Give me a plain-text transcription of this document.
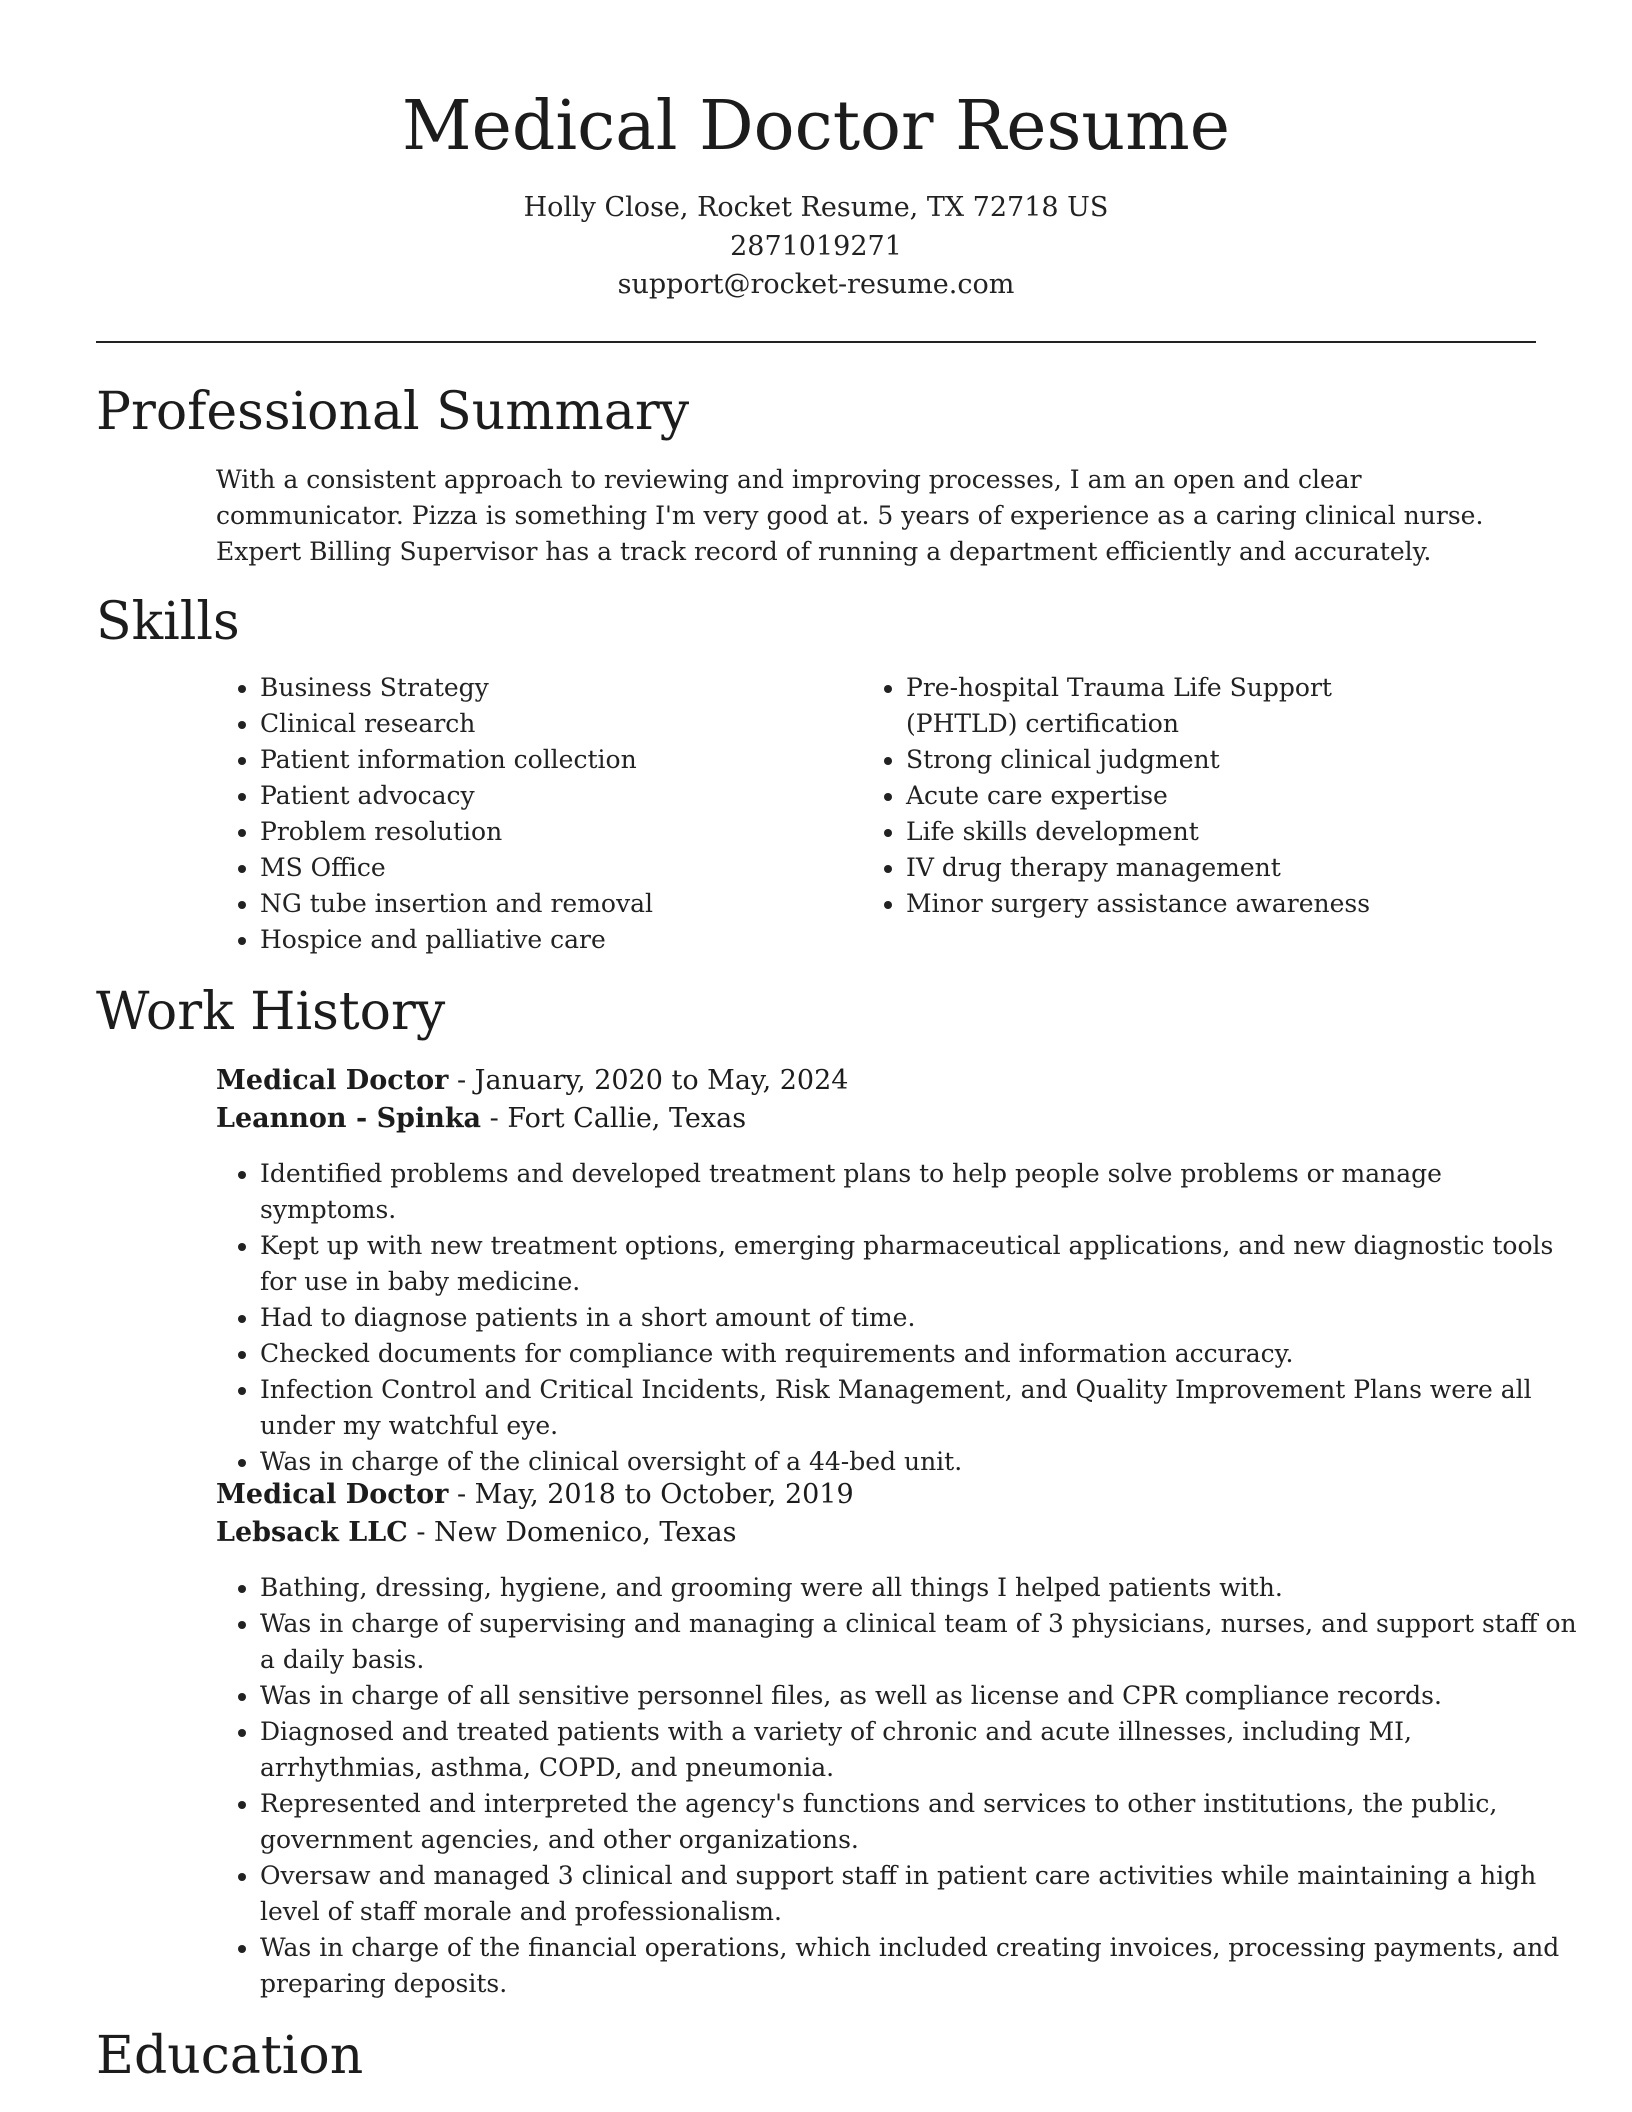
Medical Doctor Resume
Holly Close, Rocket Resume, TX 72718 US
2871019271
support@rocket-resume.com
Professional Summary

With a consistent approach to reviewing and improving processes, I am an open and clear communicator. Pizza is something I'm very good at. 5 years of experience as a caring clinical nurse. Expert Billing Supervisor has a track record of running a department efficiently and accurately.

Skills
• Business Strategy
• Clinical research
• Patient information collection
• Patient advocacy
• Problem resolution
• MS Office
• NG tube insertion and removal
• Hospice and palliative care
• Pre-hospital Trauma Life Support (PHTLD) certification
• Strong clinical judgment
• Acute care expertise
• Life skills development
• IV drug therapy management
• Minor surgery assistance awareness
Work History
Medical Doctor - January, 2020 to May, 2024
Leannon - Spinka - Fort Callie, Texas
• Identified problems and developed treatment plans to help people solve problems or manage symptoms.
• Kept up with new treatment options, emerging pharmaceutical applications, and new diagnostic tools for use in baby medicine.
• Had to diagnose patients in a short amount of time.
• Checked documents for compliance with requirements and information accuracy.
• Infection Control and Critical Incidents, Risk Management, and Quality Improvement Plans were all under my watchful eye.
• Was in charge of the clinical oversight of a 44-bed unit.
Medical Doctor - May, 2018 to October, 2019
Lebsack LLC - New Domenico, Texas
• Bathing, dressing, hygiene, and grooming were all things I helped patients with.
• Was in charge of supervising and managing a clinical team of 3 physicians, nurses, and support staff on a daily basis.
• Was in charge of all sensitive personnel files, as well as license and CPR compliance records.
• Diagnosed and treated patients with a variety of chronic and acute illnesses, including MI, arrhythmias, asthma, COPD, and pneumonia.
• Represented and interpreted the agency's functions and services to other institutions, the public, government agencies, and other organizations.
• Oversaw and managed 3 clinical and support staff in patient care activities while maintaining a high level of staff morale and professionalism.
• Was in charge of the financial operations, which included creating invoices, processing payments, and preparing deposits.
Education
